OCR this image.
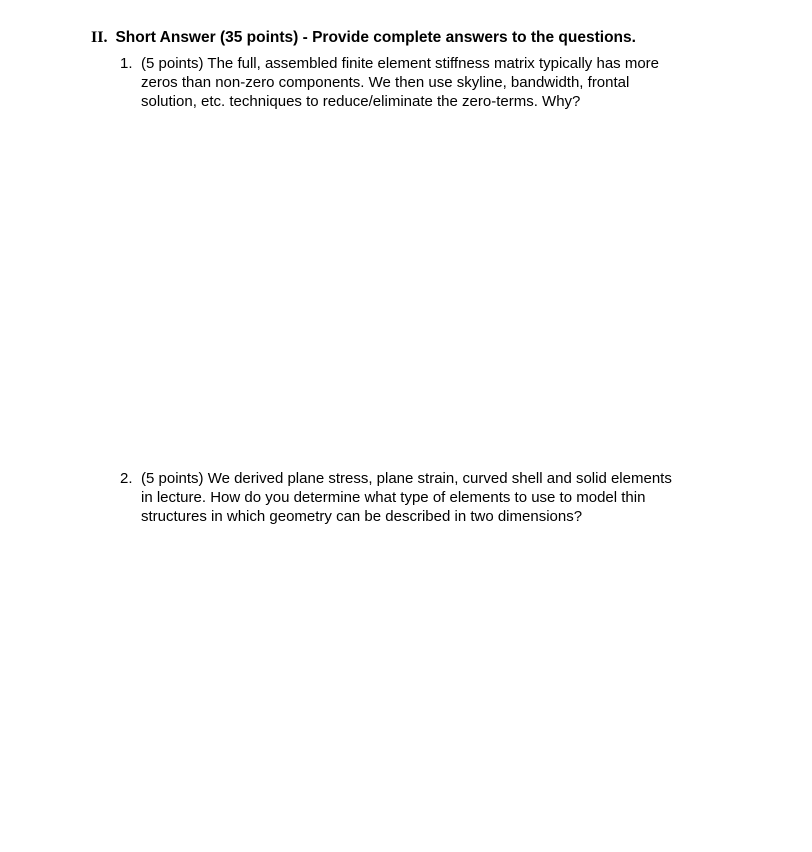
II. Short Answer (35 points) - Provide complete answers to the questions.
1. (5 points) The full, assembled finite element stiffness matrix typically has more
zeros than non-zero components. We then use skyline, bandwidth, frontal
solution, etc. techniques to reduce/eliminate the zero-terms. Why?
2. (5 points) We derived plane stress, plane strain, curved shell and solid elements
in lecture. How do you determine what type of elements to use to model thin
structures in which geometry can be described in two dimensions?
